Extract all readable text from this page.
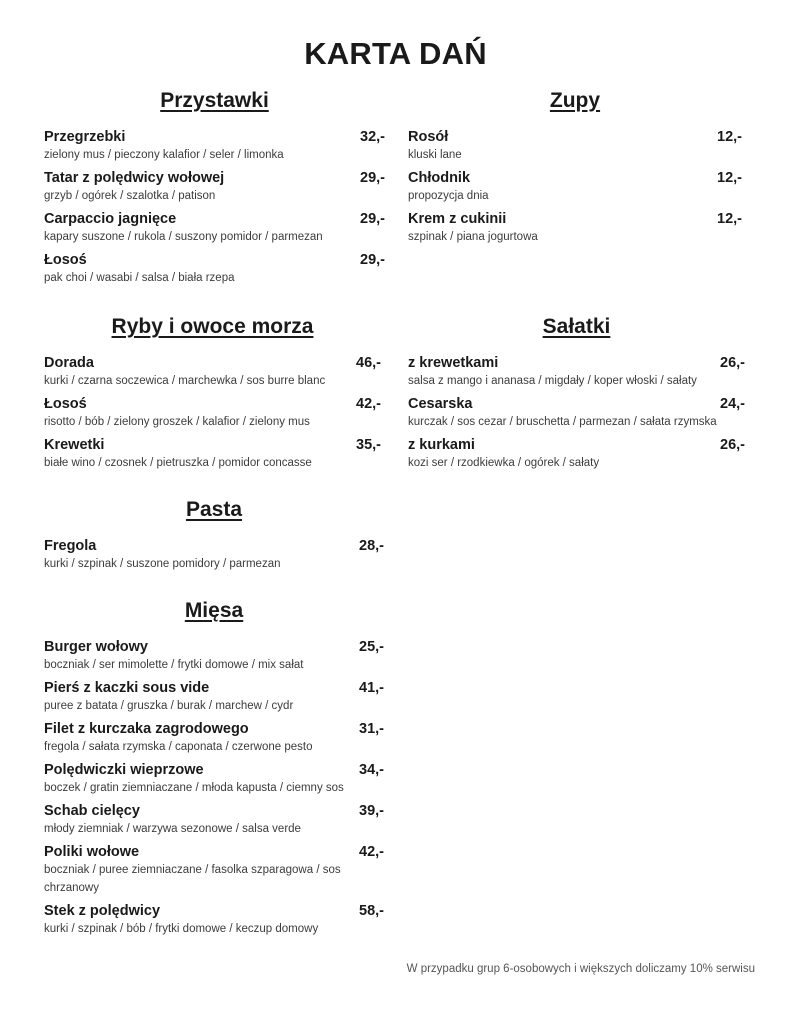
KARTA DAŃ
Przystawki
Przegrzebki	32,-
zielony mus / pieczony kalafior / seler / limonka
Tatar z polędwicy wołowej	29,-
grzyb / ogórek / szalotka / patison
Carpaccio jagnięce	29,-
kapary suszone / rukola / suszony pomidor / parmezan
Łosoś	29,-
pak choi / wasabi / salsa / biała rzepa
Zupy
Rosół	12,-
kluski lane
Chłodnik	12,-
propozycja dnia
Krem z cukinii	12,-
szpinak / piana jogurtowa
Ryby i owoce morza
Dorada	46,-
kurki / czarna soczewica / marchewka / sos burre blanc
Łosoś	42,-
risotto / bób / zielony groszek / kalafior / zielony mus
Krewetki	35,-
białe wino / czosnek / pietruszka / pomidor concasse
Sałatki
z krewetkami	26,-
salsa z mango i ananasa / migdały / koper włoski / sałaty
Cesarska	24,-
kurczak / sos cezar / bruschetta / parmezan / sałata rzymska
z kurkami	26,-
kozi ser / rzodkiewka / ogórek / sałaty
Pasta
Fregola	28,-
kurki / szpinak / suszone pomidory / parmezan
Mięsa
Burger wołowy	25,-
boczniak / ser mimolette / frytki domowe / mix sałat
Pierś z kaczki sous vide	41,-
puree z batata / gruszka / burak / marchew / cydr
Filet z kurczaka zagrodowego	31,-
fregola / sałata rzymska / caponata / czerwone pesto
Polędwiczki wieprzowe	34,-
boczek / gratin ziemniaczane / młoda kapusta / ciemny sos
Schab cielęcy	39,-
młody ziemniak / warzywa sezonowe / salsa verde
Poliki wołowe	42,-
boczniak / puree ziemniaczane / fasolka szparagowa / sos chrzanowy
Stek z polędwicy	58,-
kurki / szpinak / bób / frytki domowe / keczup domowy
W przypadku grup 6-osobowych i większych doliczamy 10% serwisu
